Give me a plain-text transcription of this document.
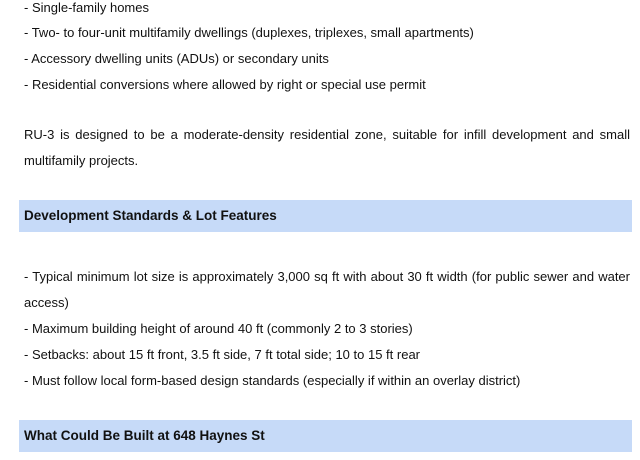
- Single-family homes
- Two- to four-unit multifamily dwellings (duplexes, triplexes, small apartments)
- Accessory dwelling units (ADUs) or secondary units
- Residential conversions where allowed by right or special use permit
RU-3 is designed to be a moderate-density residential zone, suitable for infill development and small multifamily projects.
Development Standards & Lot Features
- Typical minimum lot size is approximately 3,000 sq ft with about 30 ft width (for public sewer and water access)
- Maximum building height of around 40 ft (commonly 2 to 3 stories)
- Setbacks: about 15 ft front, 3.5 ft side, 7 ft total side; 10 to 15 ft rear
- Must follow local form-based design standards (especially if within an overlay district)
What Could Be Built at 648 Haynes St
